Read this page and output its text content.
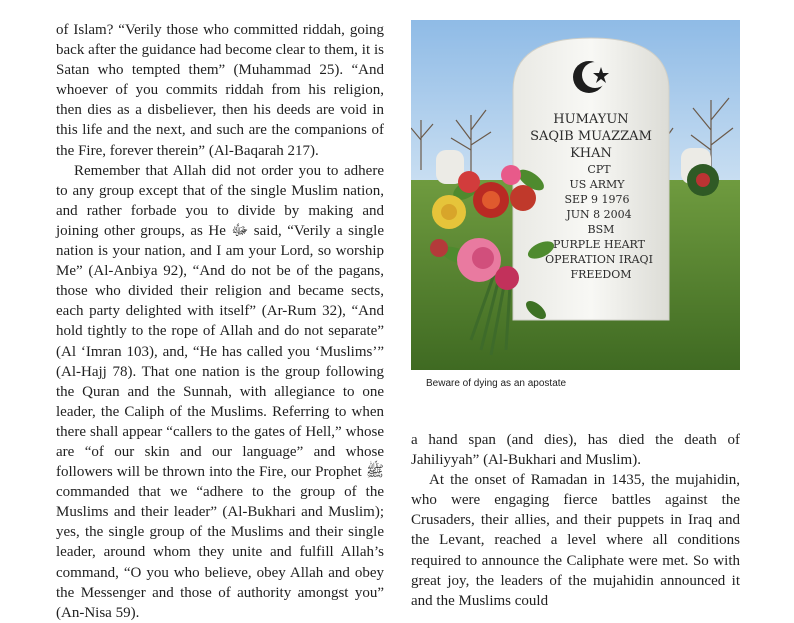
of Islam? “Verily those who committed riddah, going back after the guidance had become clear to them, it is Satan who tempted them” (Muhammad 25). “And whoever of you commits riddah from his religion, then dies as a disbeliever, then his deeds are void in this life and the next, and such are the companions of the Fire, forever therein” (Al-Baqarah 217).

Remember that Allah did not order you to adhere to any group except that of the single Muslim nation, and rather forbade you to divide by making and joining other groups, as He ﷻ said, “Verily a single nation is your nation, and I am your Lord, so worship Me” (Al-Anbiya 92), “And do not be of the pagans, those who divided their religion and became sects, each party delighted with itself” (Ar-Rum 32), “And hold tightly to the rope of Allah and do not separate” (Al ‘Imran 103), and, “He has called you ‘Muslims’” (Al-Hajj 78). That one nation is the group following the Quran and the Sunnah, with allegiance to one leader, the Caliph of the Muslims. Referring to when there shall appear “callers to the gates of Hell,” whose are “of our skin and our language” and whose followers will be thrown into the Fire, our Prophet ﷺ commanded that we “adhere to the group of the Muslims and their leader” (Al-Bukhari and Muslim); yes, the single group of the Muslims and their single leader, around whom they unite and fulfill Allah’s command, “O you who believe, obey Allah and obey the Messenger and those of authority amongst you” (An-Nisa 59).

HUMAYUN
SAQIB MUAZZAM
KHAN
CPT
US ARMY
SEP 9 1976
JUN 8 2004
BSM
PURPLE HEART
OPERATION IRAQI
FREEDOM
Beware of dying as an apostate

a hand span (and dies), has died the death of Jahiliyyah” (Al-Bukhari and Muslim).

At the onset of Ramadan in 1435, the mujahidin, who were engaging fierce battles against the Crusaders, their allies, and their puppets in Iraq and the Levant, reached a level where all conditions required to announce the Caliphate were met. So with great joy, the leaders of the mujahidin announced it and the Muslims could
